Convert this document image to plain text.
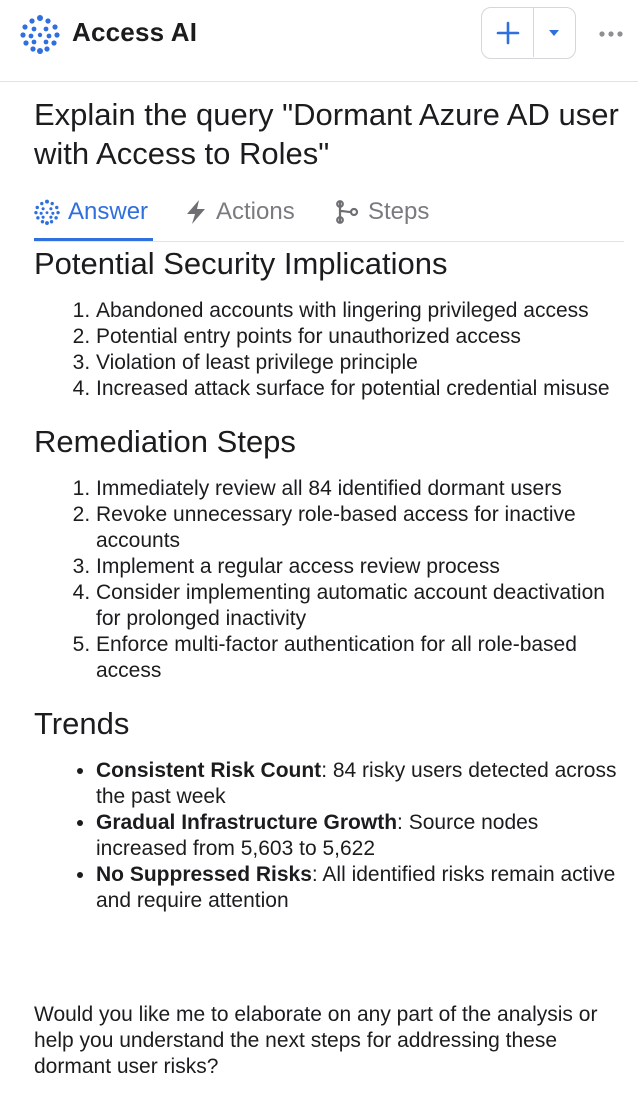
Access AI
Explain the query "Dormant Azure AD user with Access to Roles"
Answer	Actions	Steps
Potential Security Implications
1. Abandoned accounts with lingering privileged access
2. Potential entry points for unauthorized access
3. Violation of least privilege principle
4. Increased attack surface for potential credential misuse
Remediation Steps
1. Immediately review all 84 identified dormant users
2. Revoke unnecessary role-based access for inactive accounts
3. Implement a regular access review process
4. Consider implementing automatic account deactivation for prolonged inactivity
5. Enforce multi-factor authentication for all role-based access
Trends
• Consistent Risk Count: 84 risky users detected across the past week
• Gradual Infrastructure Growth: Source nodes increased from 5,603 to 5,622
• No Suppressed Risks: All identified risks remain active and require attention
Would you like me to elaborate on any part of the analysis or help you understand the next steps for addressing these dormant user risks?
